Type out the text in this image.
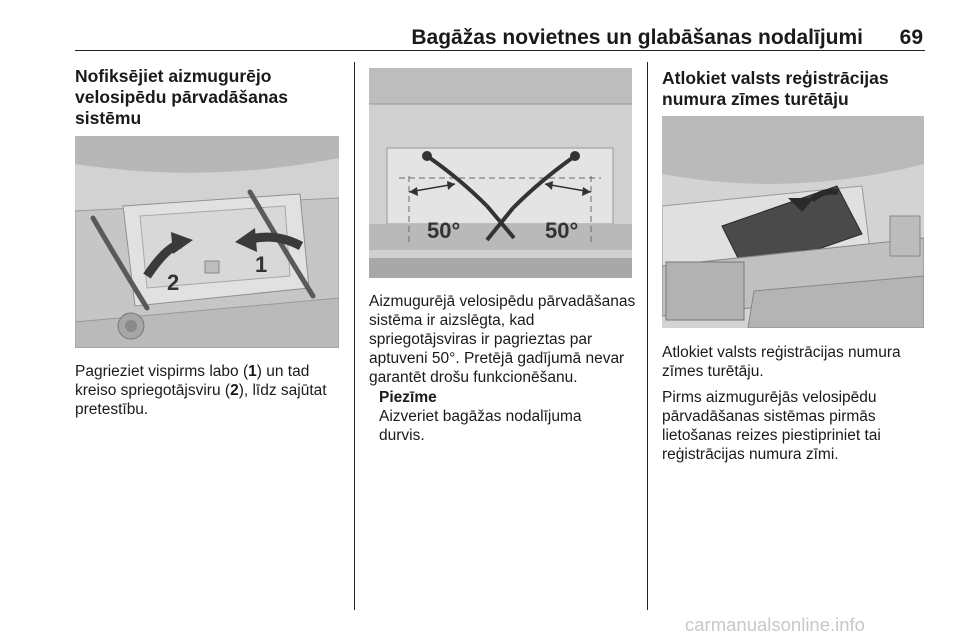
Bagāžas novietnes un glabāšanas nodalījumi 69
Nofiksējiet aizmugurējo velosipēdu pārvadāšanas sistēmu
2
1

Pagrieziet vispirms labo (1) un tad kreiso spriegotājsviru (2), līdz sajūtat pretestību.

50°	50°

Aizmugurējā velosipēdu pārvadāšanas sistēma ir aizslēgta, kad spriegotājsviras ir pagrieztas par aptuveni 50°. Pretējā gadījumā nevar garantēt drošu funkcionēšanu.

Piezīme
Aizveriet bagāžas nodalījuma durvis.
Atlokiet valsts reģistrācijas numura zīmes turētāju

Atlokiet valsts reģistrācijas numura zīmes turētāju.

Pirms aizmugurējās velosipēdu pārvadāšanas sistēmas pirmās lietošanas reizes piestipriniet tai reģistrācijas numura zīmi.

carmanualsonline.info
